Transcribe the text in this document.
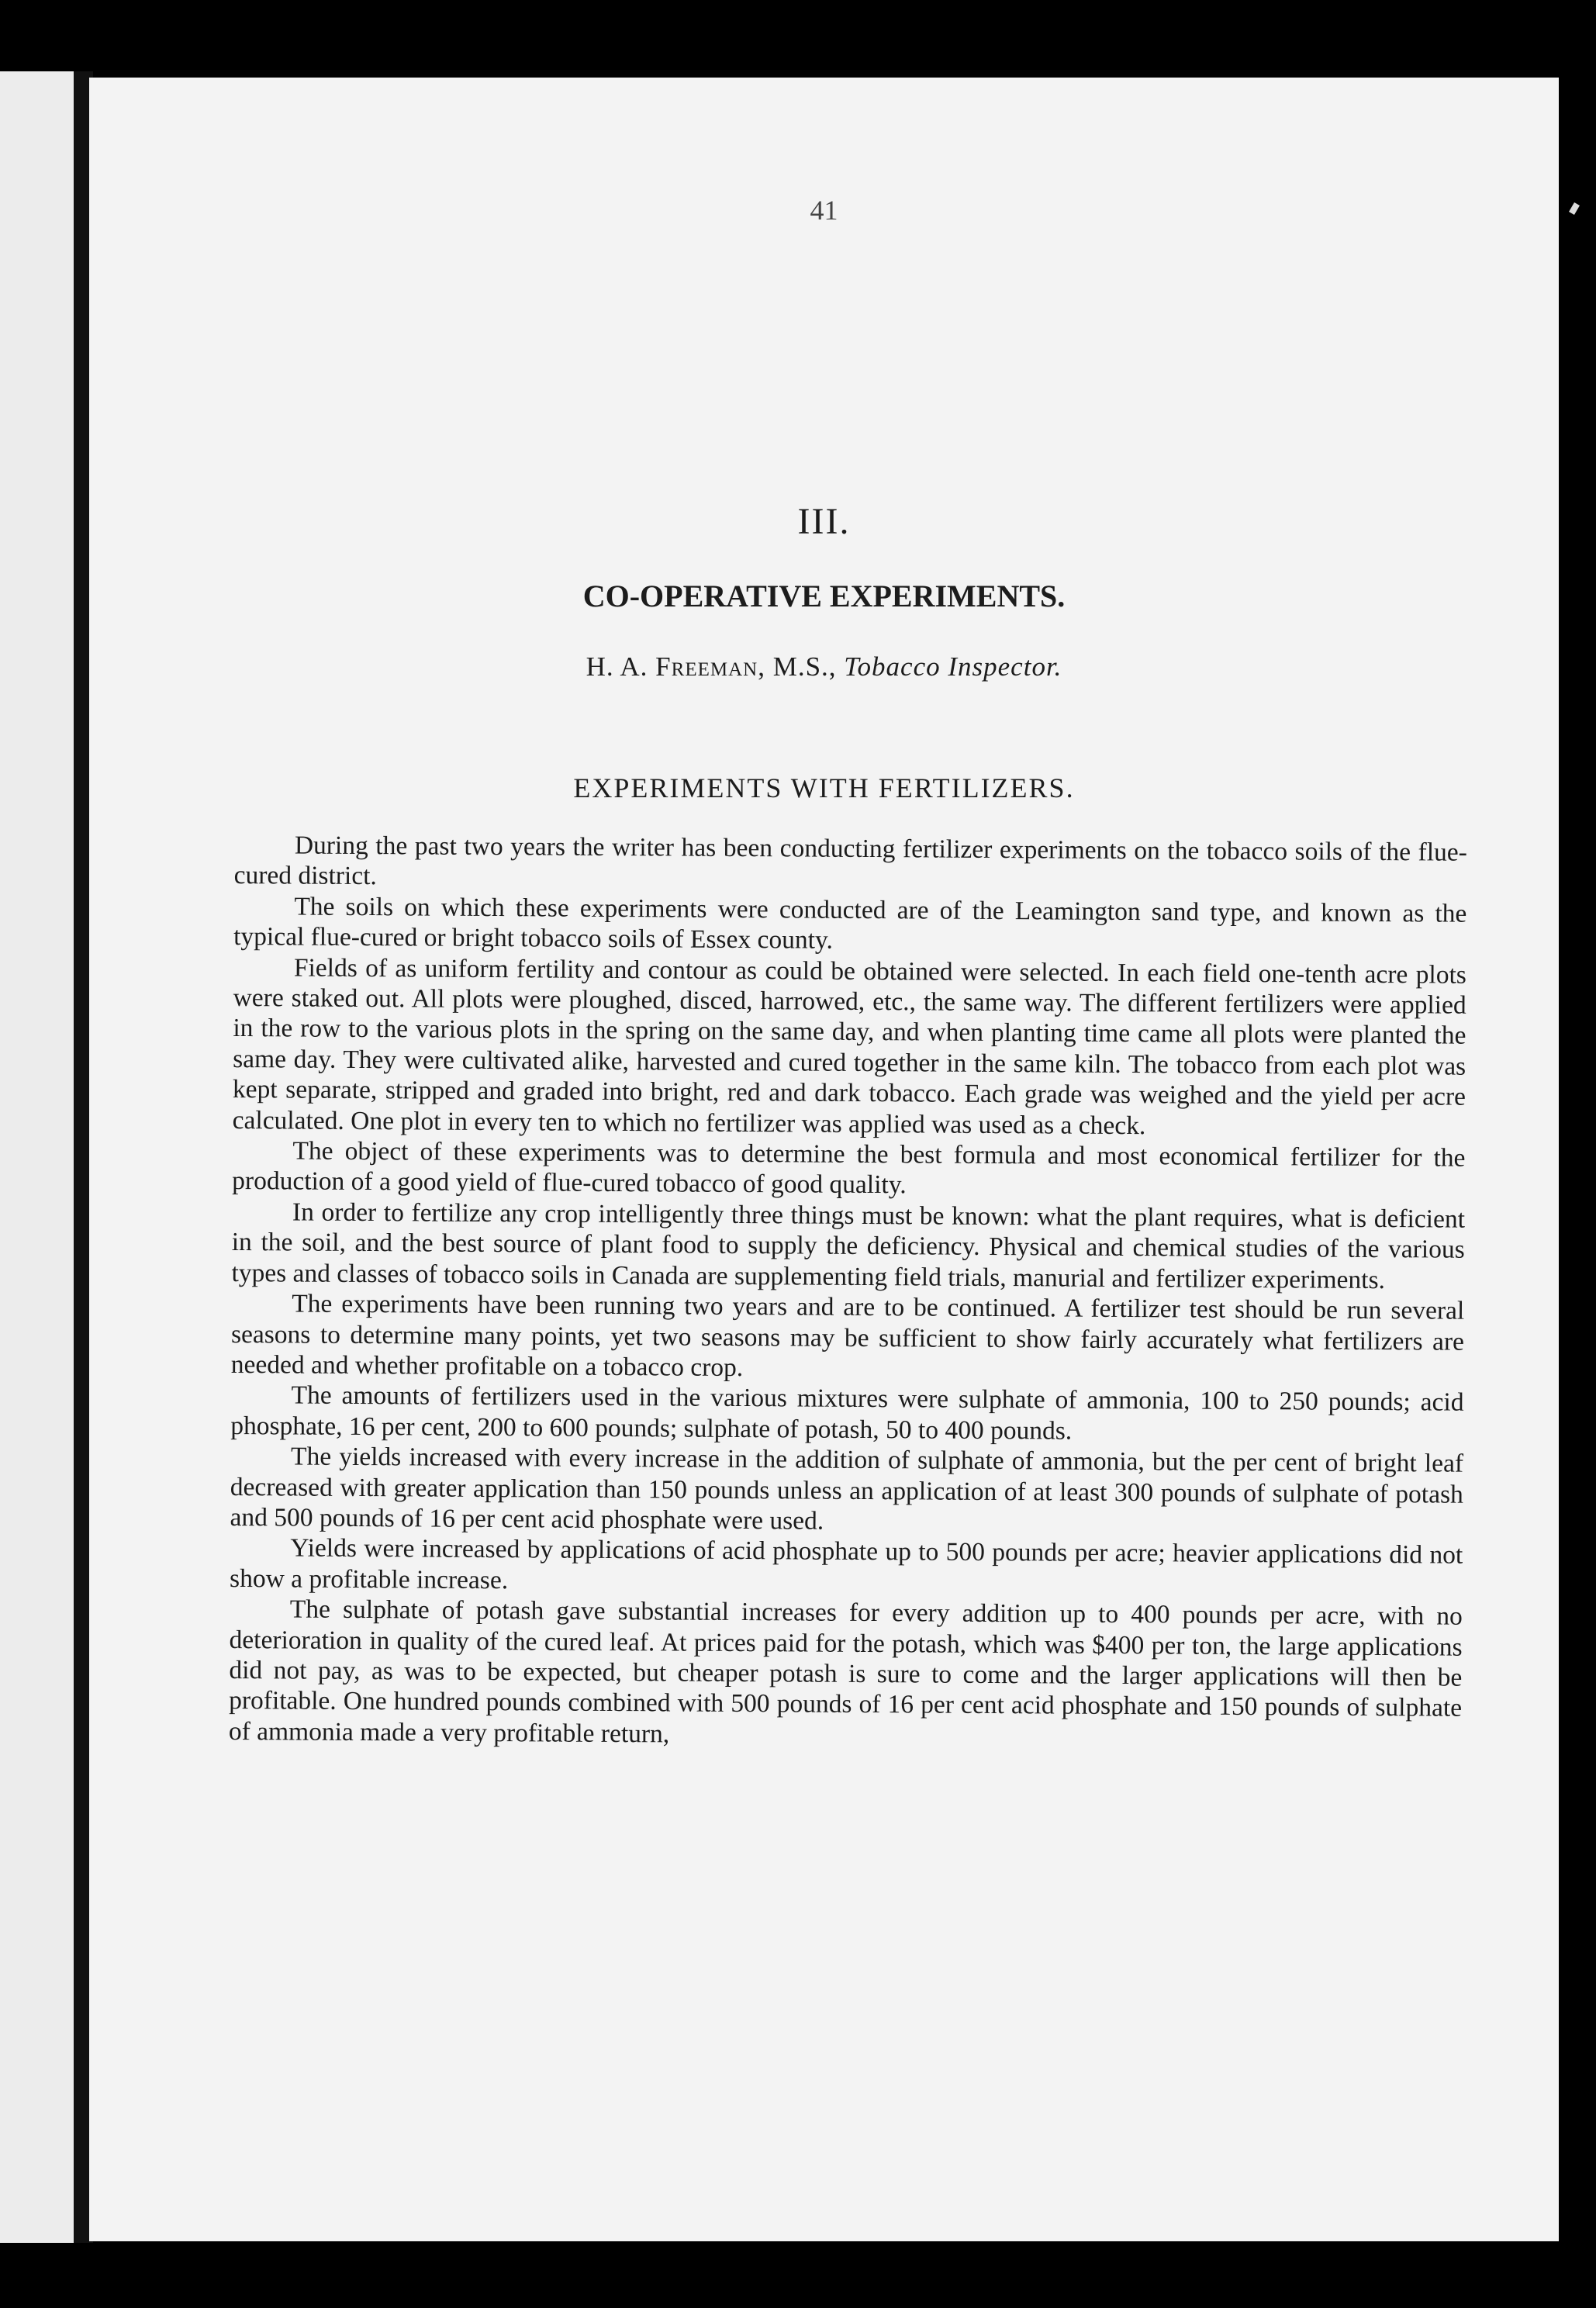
41
III.
CO-OPERATIVE EXPERIMENTS.
H. A. Freeman, M.S., Tobacco Inspector.
EXPERIMENTS WITH FERTILIZERS.

During the past two years the writer has been conducting fertilizer experiments on the tobacco soils of the flue-cured district.

The soils on which these experiments were conducted are of the Leamington sand type, and known as the typical flue-cured or bright tobacco soils of Essex county.

Fields of as uniform fertility and contour as could be obtained were selected. In each field one-tenth acre plots were staked out. All plots were ploughed, disced, harrowed, etc., the same way. The different fertilizers were applied in the row to the various plots in the spring on the same day, and when planting time came all plots were planted the same day. They were cultivated alike, harvested and cured together in the same kiln. The tobacco from each plot was kept separate, stripped and graded into bright, red and dark tobacco. Each grade was weighed and the yield per acre calculated. One plot in every ten to which no fertilizer was applied was used as a check.

The object of these experiments was to determine the best formula and most economical fertilizer for the production of a good yield of flue-cured tobacco of good quality.

In order to fertilize any crop intelligently three things must be known: what the plant requires, what is deficient in the soil, and the best source of plant food to supply the deficiency. Physical and chemical studies of the various types and classes of tobacco soils in Canada are supplementing field trials, manurial and fertilizer experiments.

The experiments have been running two years and are to be continued. A fertilizer test should be run several seasons to determine many points, yet two seasons may be sufficient to show fairly accurately what fertilizers are needed and whether profitable on a tobacco crop.

The amounts of fertilizers used in the various mixtures were sulphate of ammonia, 100 to 250 pounds; acid phosphate, 16 per cent, 200 to 600 pounds; sulphate of potash, 50 to 400 pounds.

The yields increased with every increase in the addition of sulphate of ammonia, but the per cent of bright leaf decreased with greater application than 150 pounds unless an application of at least 300 pounds of sulphate of potash and 500 pounds of 16 per cent acid phosphate were used.

Yields were increased by applications of acid phosphate up to 500 pounds per acre; heavier applications did not show a profitable increase.

The sulphate of potash gave substantial increases for every addition up to 400 pounds per acre, with no deterioration in quality of the cured leaf. At prices paid for the potash, which was $400 per ton, the large applications did not pay, as was to be expected, but cheaper potash is sure to come and the larger applications will then be profitable. One hundred pounds combined with 500 pounds of 16 per cent acid phosphate and 150 pounds of sulphate of ammonia made a very profitable return,
